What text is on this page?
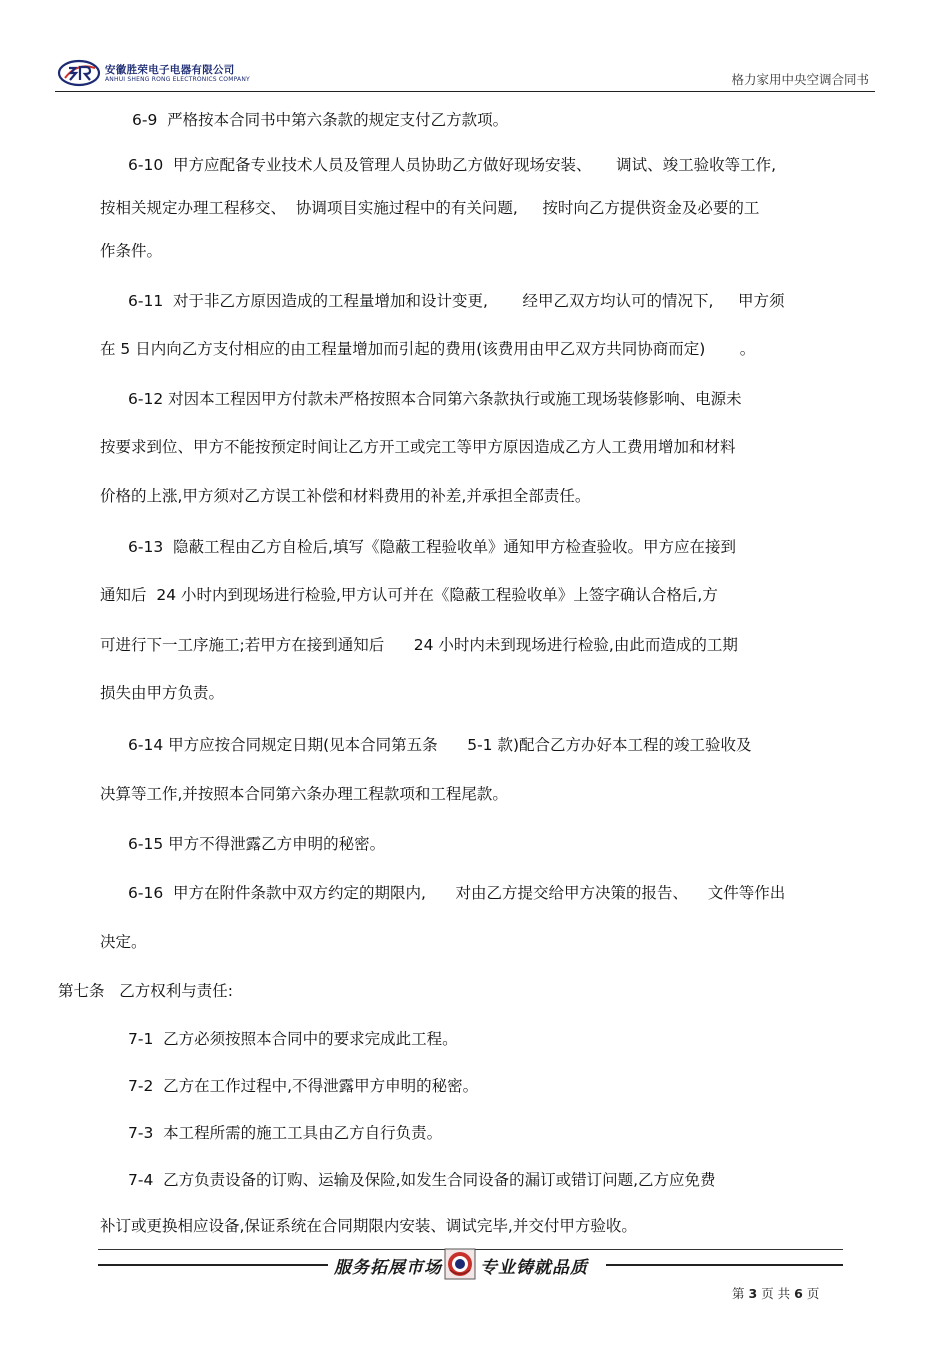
安徽胜荣电子电器有限公司
ANHUI SHENG RONG ELECTRONICS COMPANY	格力家用中央空调合同书
6-9  严格按本合同书中第六条款的规定支付乙方款项。
6-10  甲方应配备专业技术人员及管理人员协助乙方做好现场安装、     调试、竣工验收等工作,
按相关规定办理工程移交、  协调项目实施过程中的有关问题,     按时向乙方提供资金及必要的工
作条件。
6-11  对于非乙方原因造成的工程量增加和设计变更,       经甲乙双方均认可的情况下,     甲方须
在 5 日内向乙方支付相应的由工程量增加而引起的费用(该费用由甲乙双方共同协商而定)       。
6-12 对因本工程因甲方付款未严格按照本合同第六条款执行或施工现场装修影响、电源未
按要求到位、甲方不能按预定时间让乙方开工或完工等甲方原因造成乙方人工费用增加和材料
价格的上涨,甲方须对乙方误工补偿和材料费用的补差,并承担全部责任。
6-13  隐蔽工程由乙方自检后,填写《隐蔽工程验收单》通知甲方检查验收。甲方应在接到
通知后  24 小时内到现场进行检验,甲方认可并在《隐蔽工程验收单》上签字确认合格后,方
可进行下一工序施工;若甲方在接到通知后      24 小时内未到现场进行检验,由此而造成的工期
损失由甲方负责。
6-14 甲方应按合同规定日期(见本合同第五条      5-1 款)配合乙方办好本工程的竣工验收及
决算等工作,并按照本合同第六条办理工程款项和工程尾款。
6-15 甲方不得泄露乙方申明的秘密。
6-16  甲方在附件条款中双方约定的期限内,      对由乙方提交给甲方决策的报告、    文件等作出
决定。
第七条   乙方权利与责任:
7-1  乙方必须按照本合同中的要求完成此工程。
7-2  乙方在工作过程中,不得泄露甲方申明的秘密。
7-3  本工程所需的施工工具由乙方自行负责。
7-4  乙方负责设备的订购、运输及保险,如发生合同设备的漏订或错订问题,乙方应免费
补订或更换相应设备,保证系统在合同期限内安装、调试完毕,并交付甲方验收。
服务拓展市场 专业铸就品质
第 3 页 共 6 页
